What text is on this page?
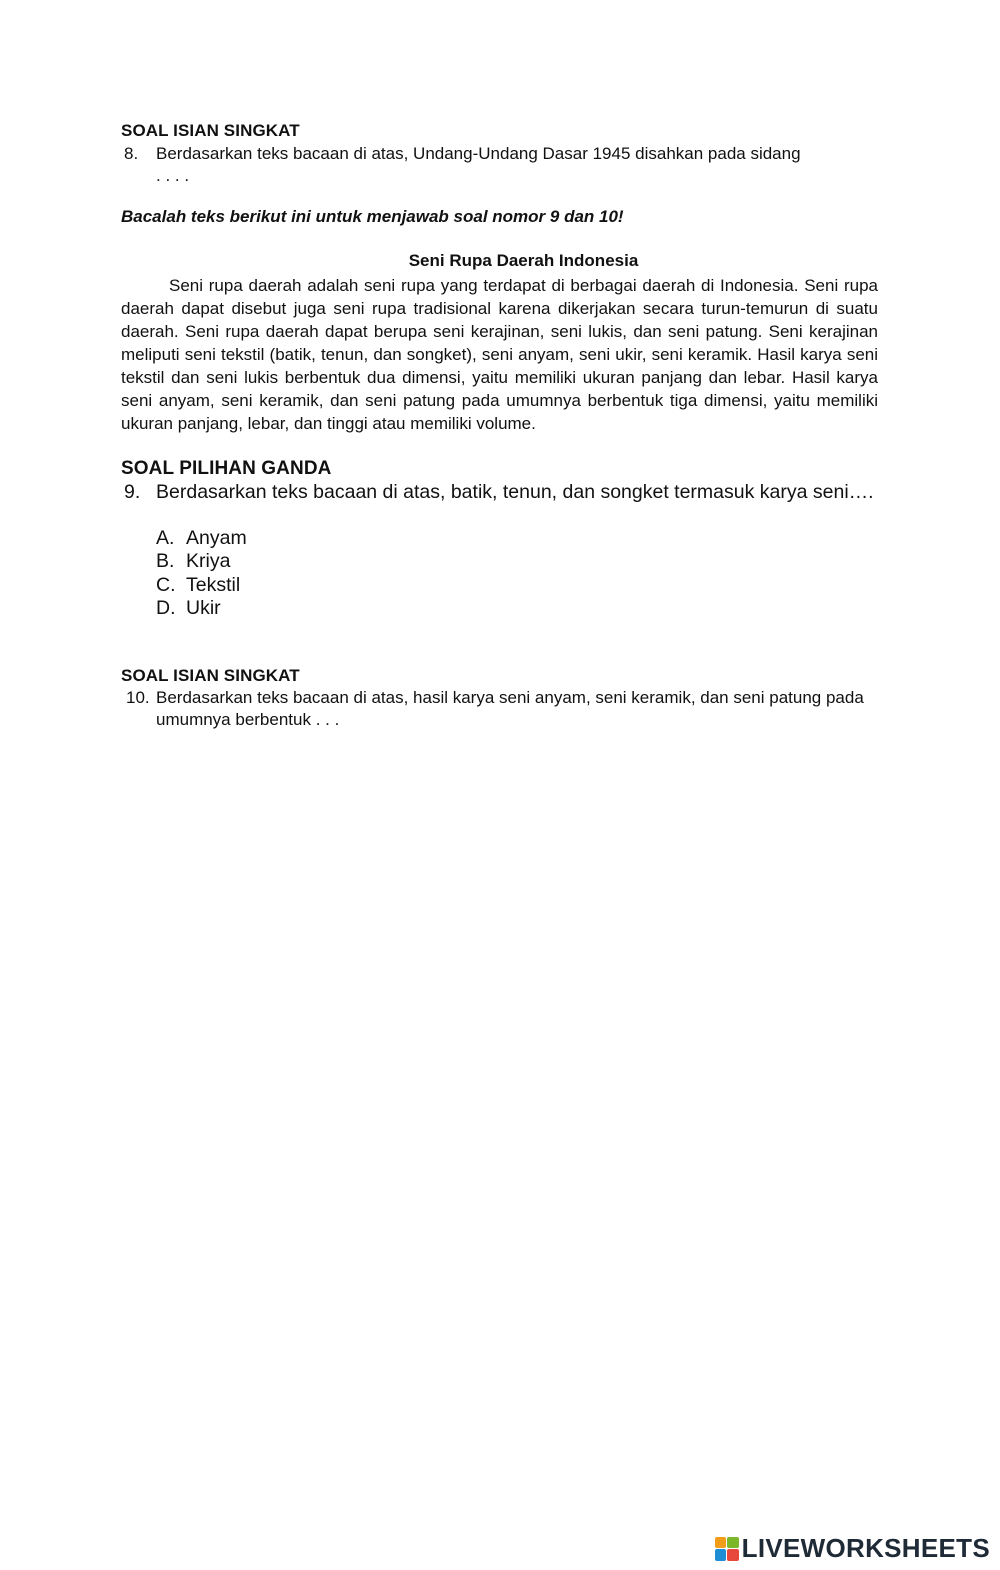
SOAL ISIAN SINGKAT
8. Berdasarkan teks bacaan di atas, Undang-Undang Dasar 1945 disahkan pada sidang
. . . .
Bacalah teks berikut ini untuk menjawab soal nomor 9 dan 10!
Seni Rupa Daerah Indonesia
Seni rupa daerah adalah seni rupa yang terdapat di berbagai daerah di Indonesia. Seni rupa daerah dapat disebut juga seni rupa tradisional karena dikerjakan secara turun-temurun di suatu daerah. Seni rupa daerah dapat berupa seni kerajinan, seni lukis, dan seni patung. Seni kerajinan meliputi seni tekstil (batik, tenun, dan songket), seni anyam, seni ukir, seni keramik. Hasil karya seni tekstil dan seni lukis berbentuk dua dimensi, yaitu memiliki ukuran panjang dan lebar. Hasil karya seni anyam, seni keramik, dan seni patung pada umumnya berbentuk tiga dimensi, yaitu memiliki ukuran panjang, lebar, dan tinggi atau memiliki volume.
SOAL PILIHAN GANDA
9. Berdasarkan teks bacaan di atas, batik, tenun, dan songket termasuk karya seni….
A. Anyam
B. Kriya
C. Tekstil
D. Ukir
SOAL ISIAN SINGKAT
10. Berdasarkan teks bacaan di atas, hasil karya seni anyam, seni keramik, dan seni patung pada umumnya berbentuk . . .
LIVEWORKSHEETS
